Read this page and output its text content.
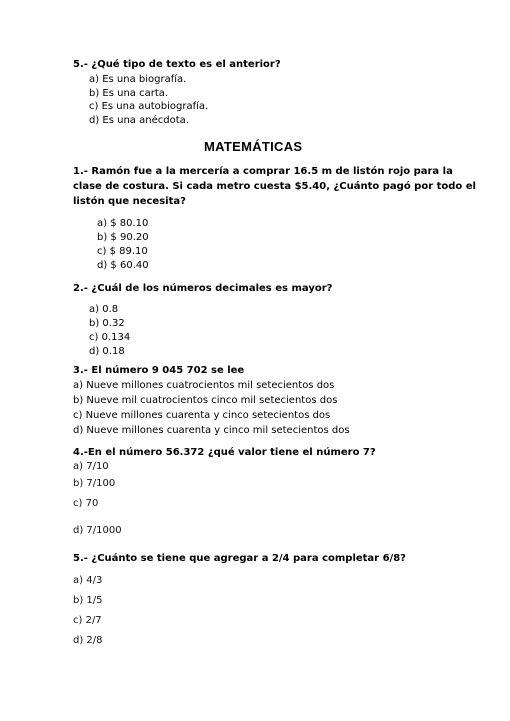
5.- ¿Qué tipo de texto es el anterior?
a) Es una biografía.
b) Es una carta.
c) Es una autobiografía.
d) Es una anécdota.
MATEMÁTICAS
1.- Ramón fue a la mercería a comprar 16.5 m de listón rojo para la
clase de costura. Si cada metro cuesta $5.40, ¿Cuánto pagó por todo el
listón que necesita?
a) $ 80.10
b) $ 90.20
c) $ 89.10
d) $ 60.40
2.- ¿Cuál de los números decimales es mayor?
a) 0.8
b) 0.32
c) 0.134
d) 0.18
3.- El número 9 045 702 se lee
a) Nueve millones cuatrocientos mil setecientos dos
b) Nueve mil cuatrocientos cinco mil setecientos dos
c) Nueve millones cuarenta y cinco setecientos dos
d) Nueve millones cuarenta y cinco mil setecientos dos
4.-En el número 56.372 ¿qué valor tiene el número 7?
a) 7/10
b) 7/100
c) 70
d) 7/1000
5.- ¿Cuánto se tiene que agregar a 2/4 para completar 6/8?
a) 4/3
b) 1/5
c) 2/7
d) 2/8
